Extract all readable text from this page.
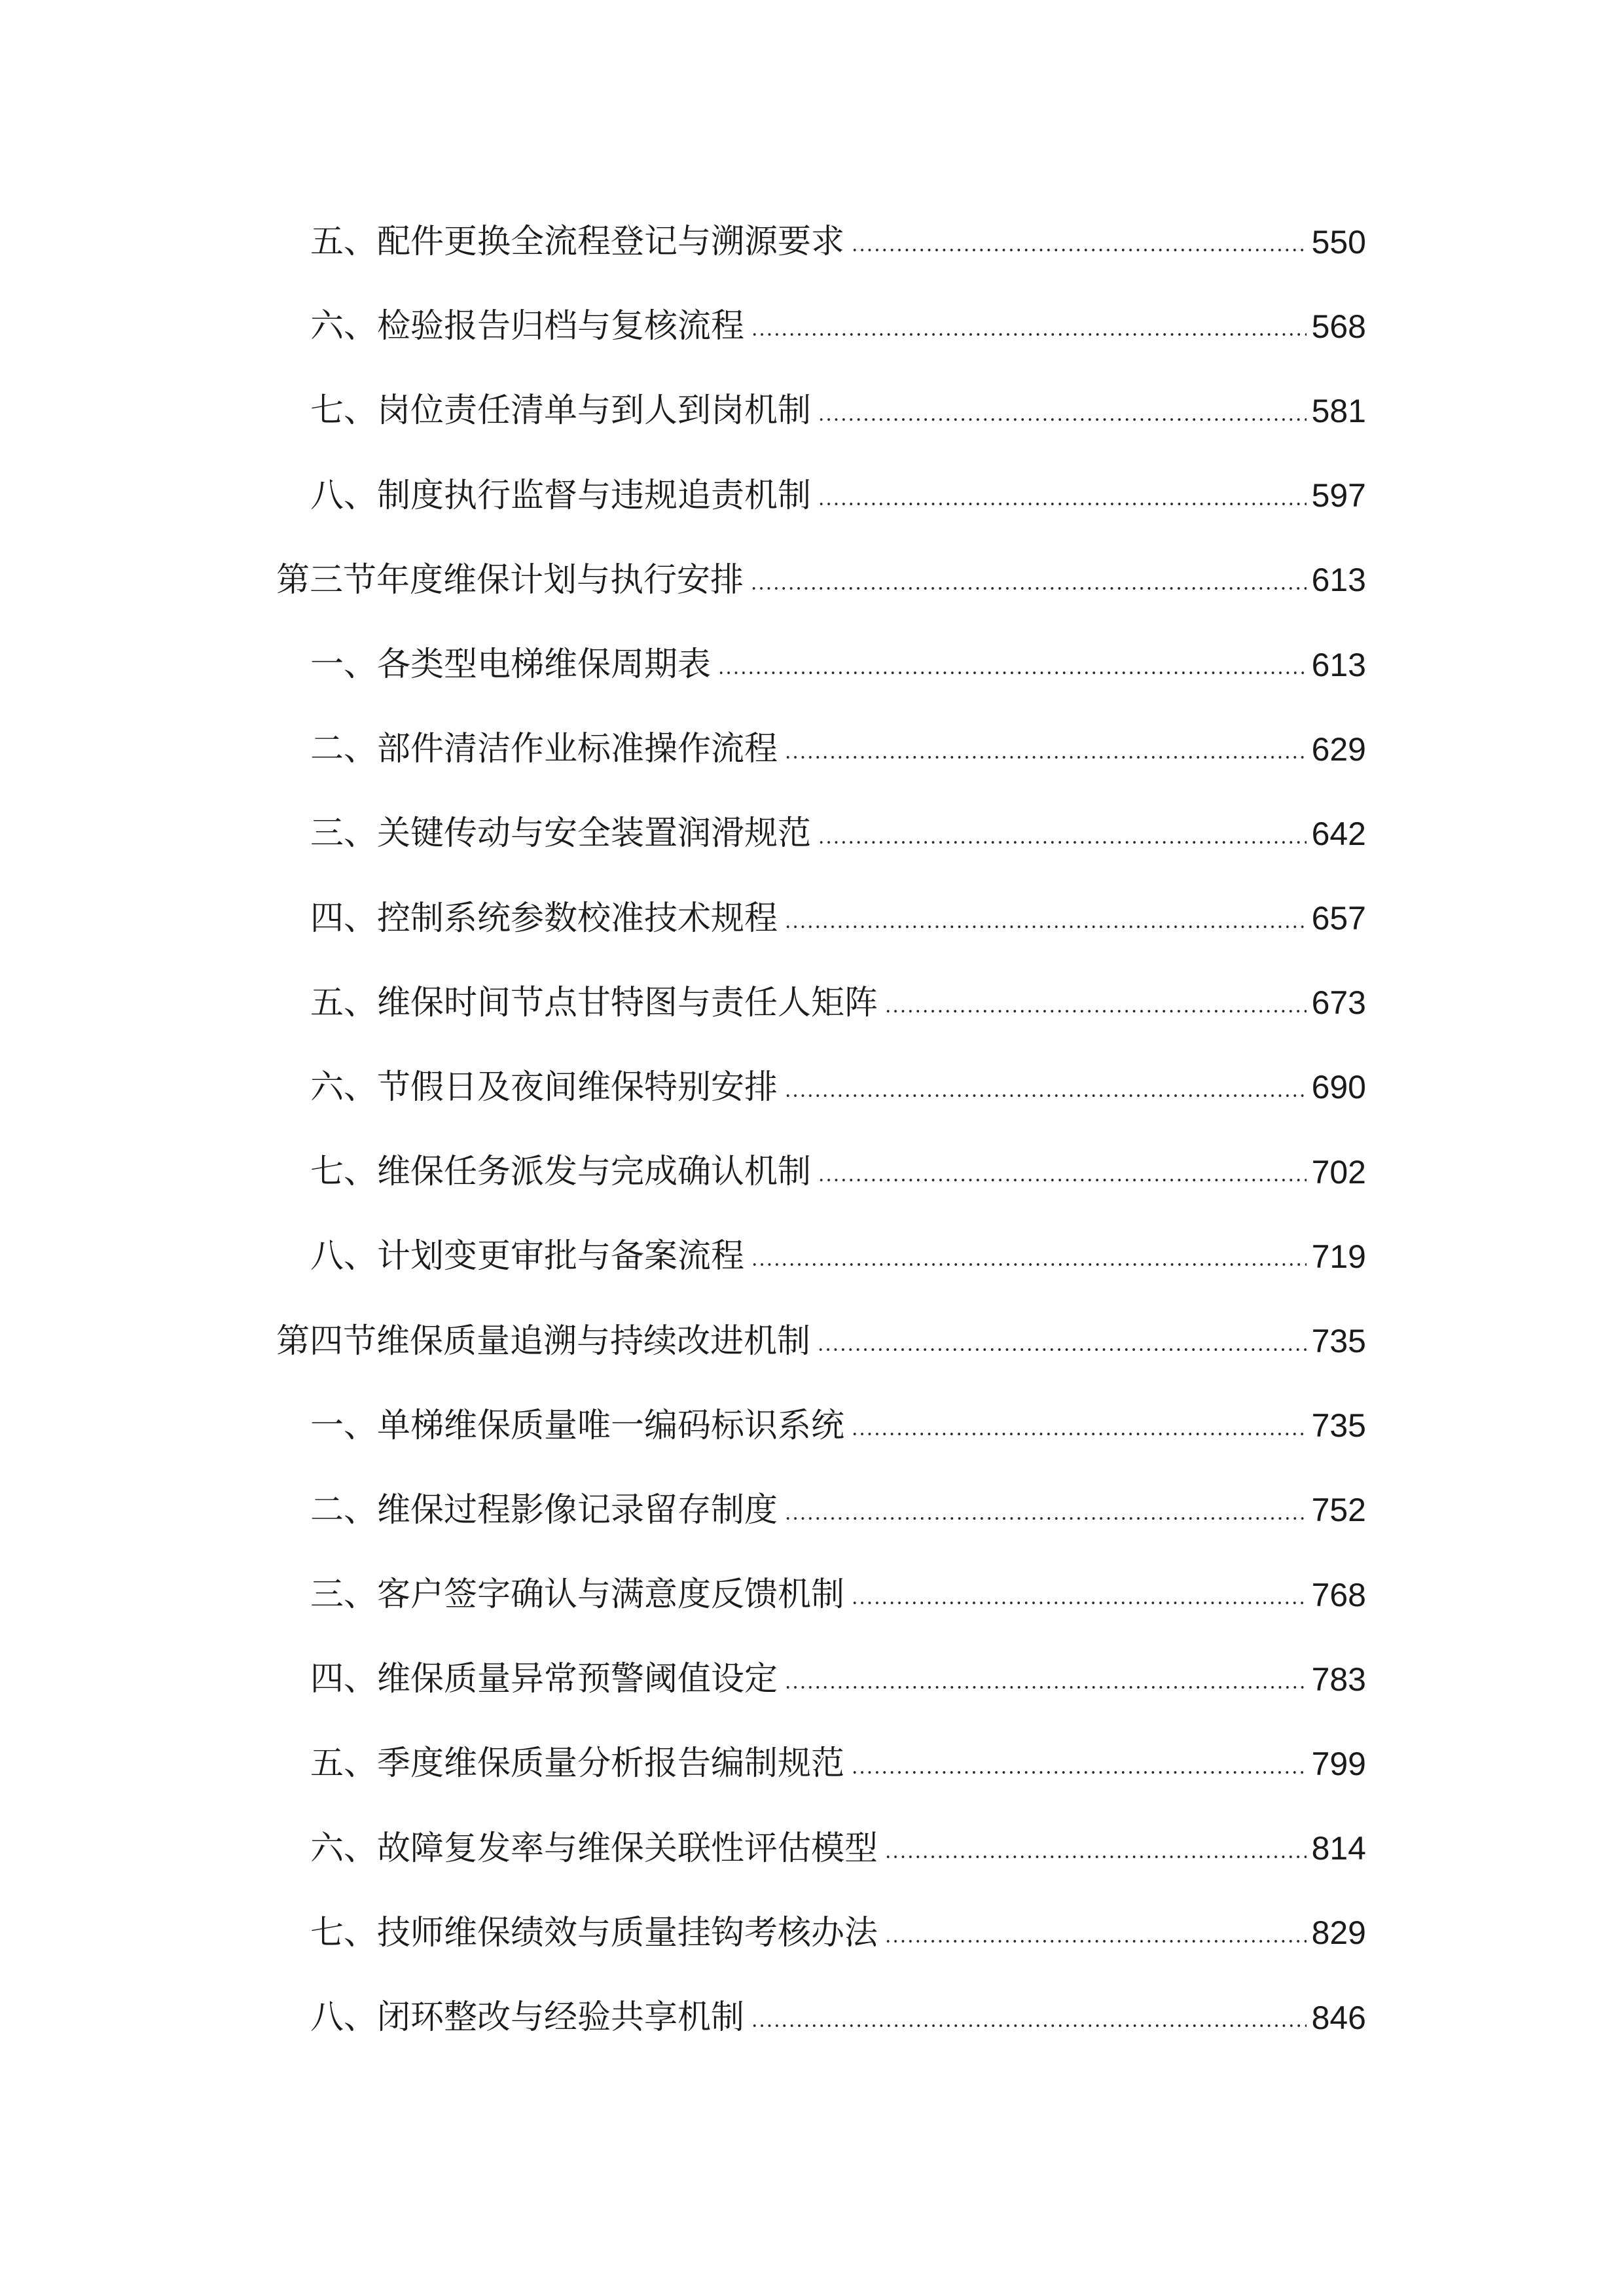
五、配件更换全流程登记与溯源要求	550
六、检验报告归档与复核流程	568
七、岗位责任清单与到人到岗机制	581
八、制度执行监督与违规追责机制	597
第三节年度维保计划与执行安排	613
一、各类型电梯维保周期表	613
二、部件清洁作业标准操作流程	629
三、关键传动与安全装置润滑规范	642
四、控制系统参数校准技术规程	657
五、维保时间节点甘特图与责任人矩阵	673
六、节假日及夜间维保特别安排	690
七、维保任务派发与完成确认机制	702
八、计划变更审批与备案流程	719
第四节维保质量追溯与持续改进机制	735
一、单梯维保质量唯一编码标识系统	735
二、维保过程影像记录留存制度	752
三、客户签字确认与满意度反馈机制	768
四、维保质量异常预警阈值设定	783
五、季度维保质量分析报告编制规范	799
六、故障复发率与维保关联性评估模型	814
七、技师维保绩效与质量挂钩考核办法	829
八、闭环整改与经验共享机制	846
